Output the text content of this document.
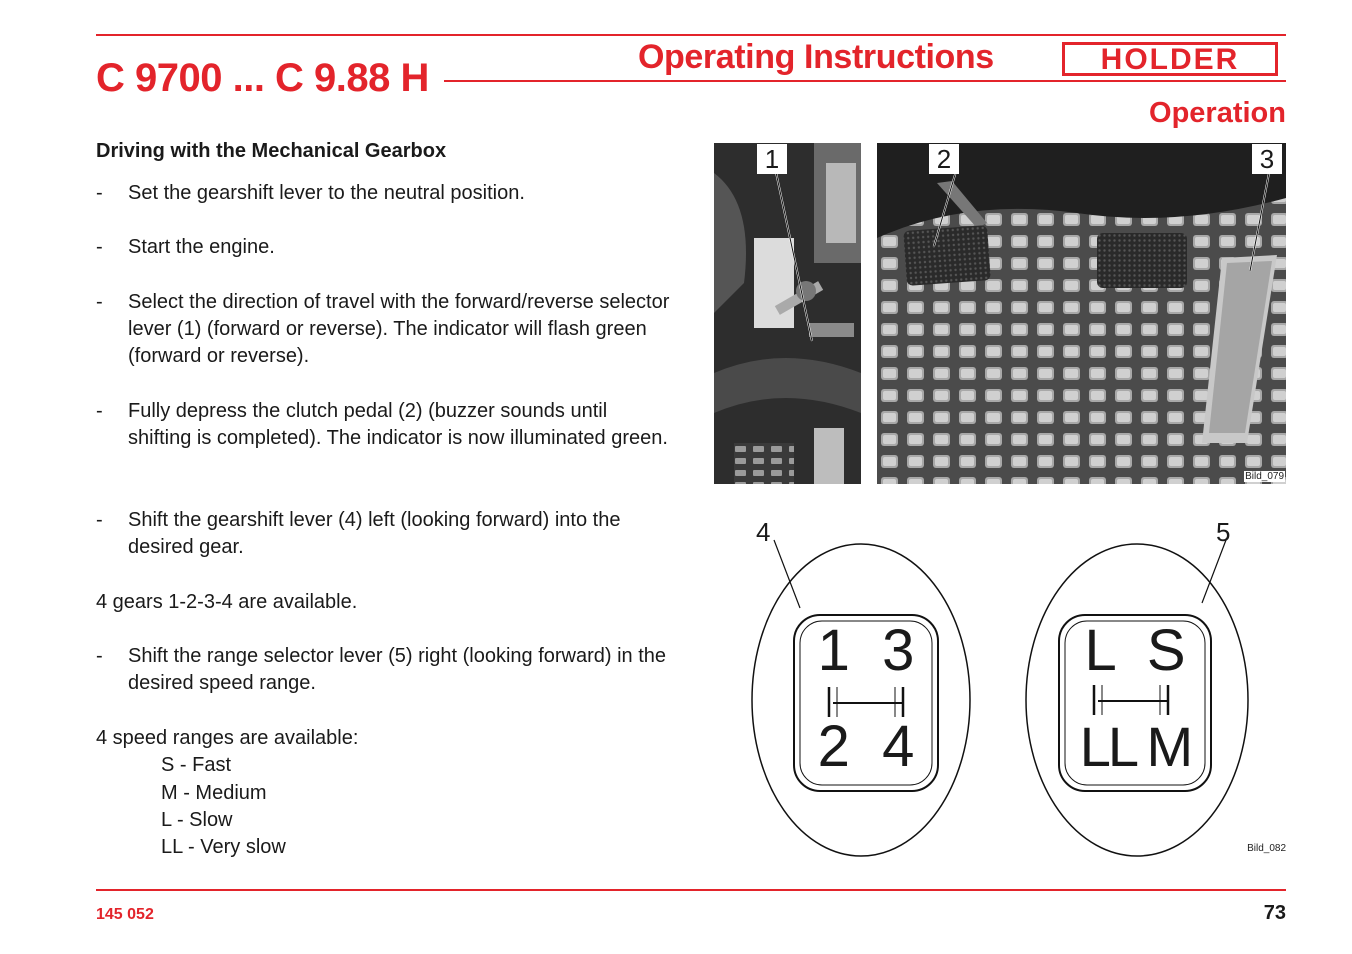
C 9700 ... C 9.88 H	Operating Instructions	HOLDER
Operation
Driving with the Mechanical Gearbox
- Set the gearshift lever to the neutral position.
- Start the engine.
- Select the direction of travel with the forward/reverse selector lever (1) (forward or reverse). The indicator will flash green (forward or reverse).
- Fully depress the clutch pedal (2) (buzzer sounds until shifting is completed). The indicator is now illuminated green.
- Shift the gearshift lever (4) left (looking forward) into the desired gear.
4 gears 1-2-3-4 are available.
- Shift the range selector lever (5) right (looking forward) in the desired speed range.
4 speed ranges are available:
S - Fast
M - Medium
L - Slow
LL - Very slow
1	2	3
Bild_079
4	5
1  3
2  4
L  S
LL M
Bild_082
145 052	73
